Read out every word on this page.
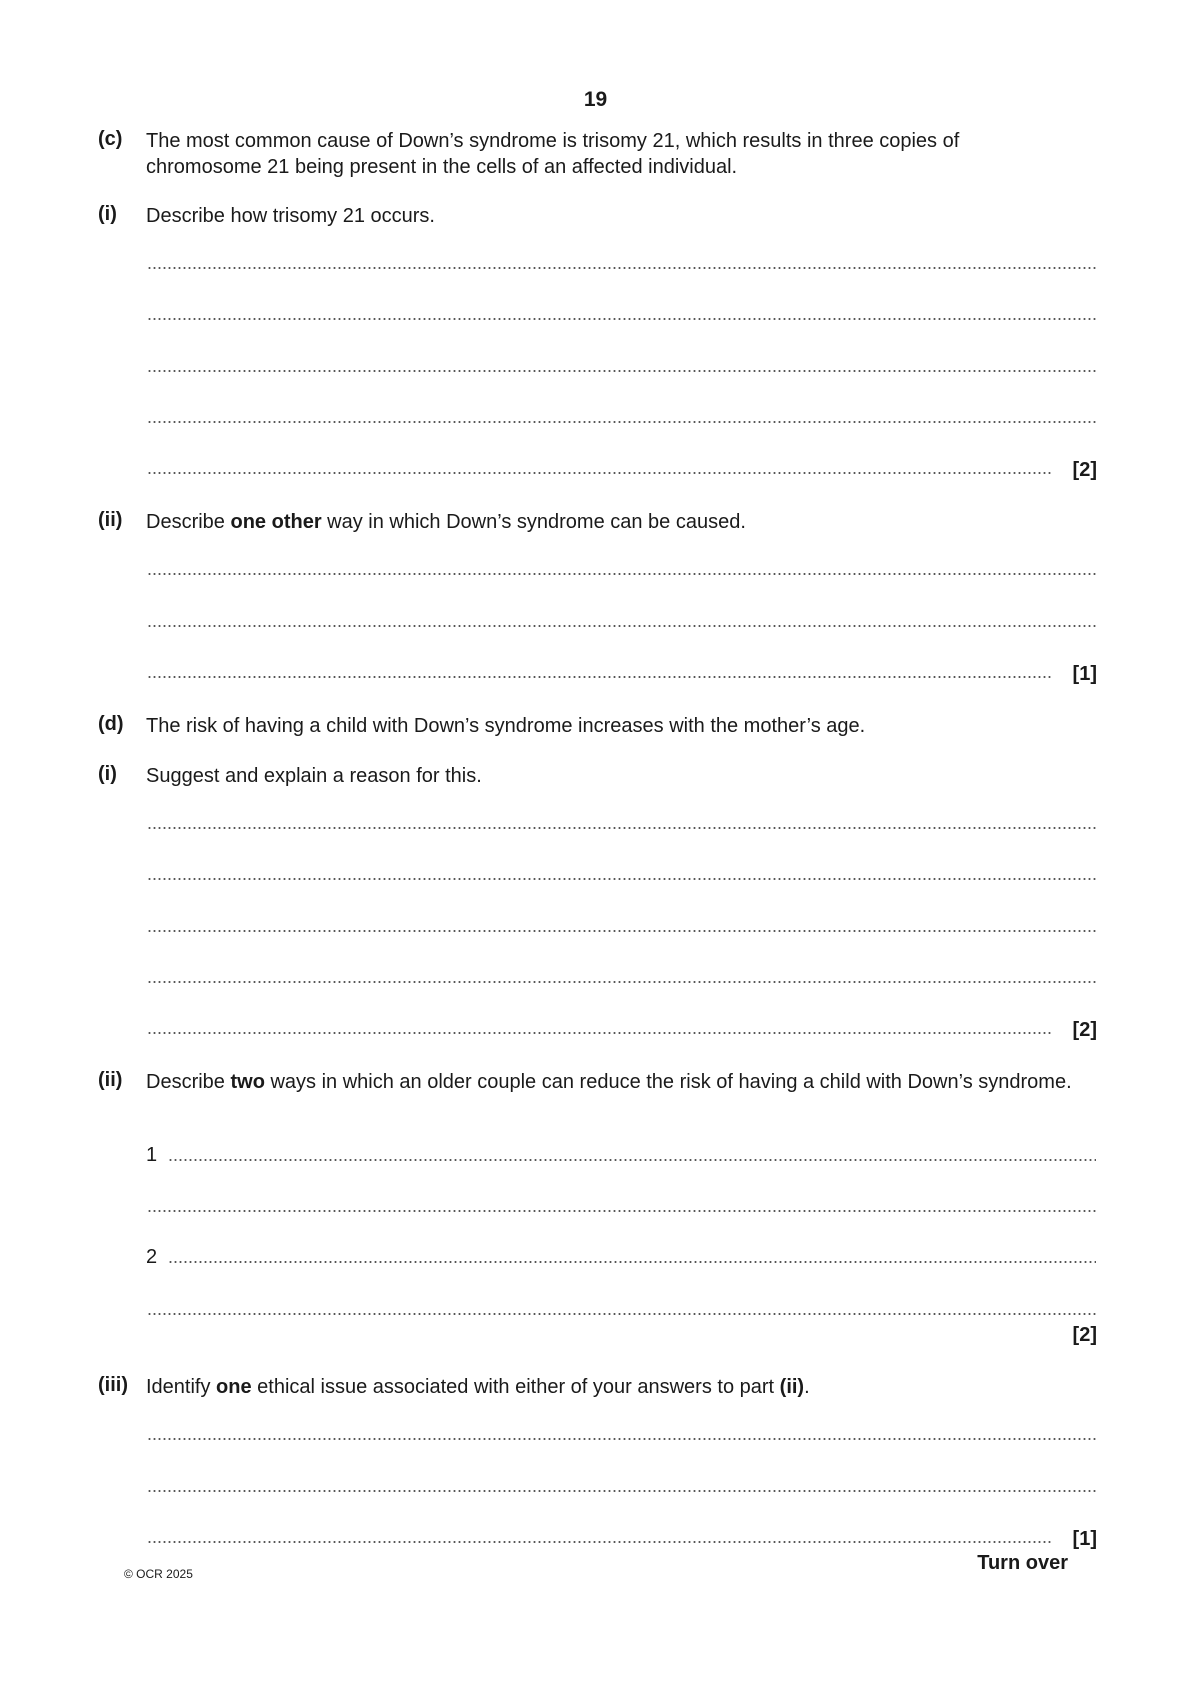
19
(c) The most common cause of Down’s syndrome is trisomy 21, which results in three copies of chromosome 21 being present in the cells of an affected individual.
(i) Describe how trisomy 21 occurs.
[2]
(ii) Describe one other way in which Down’s syndrome can be caused.
[1]
(d) The risk of having a child with Down’s syndrome increases with the mother’s age.
(i) Suggest and explain a reason for this.
[2]
(ii) Describe two ways in which an older couple can reduce the risk of having a child with Down’s syndrome.
1
2
[2]
(iii) Identify one ethical issue associated with either of your answers to part (ii).
[1]
© OCR 2025	Turn over
